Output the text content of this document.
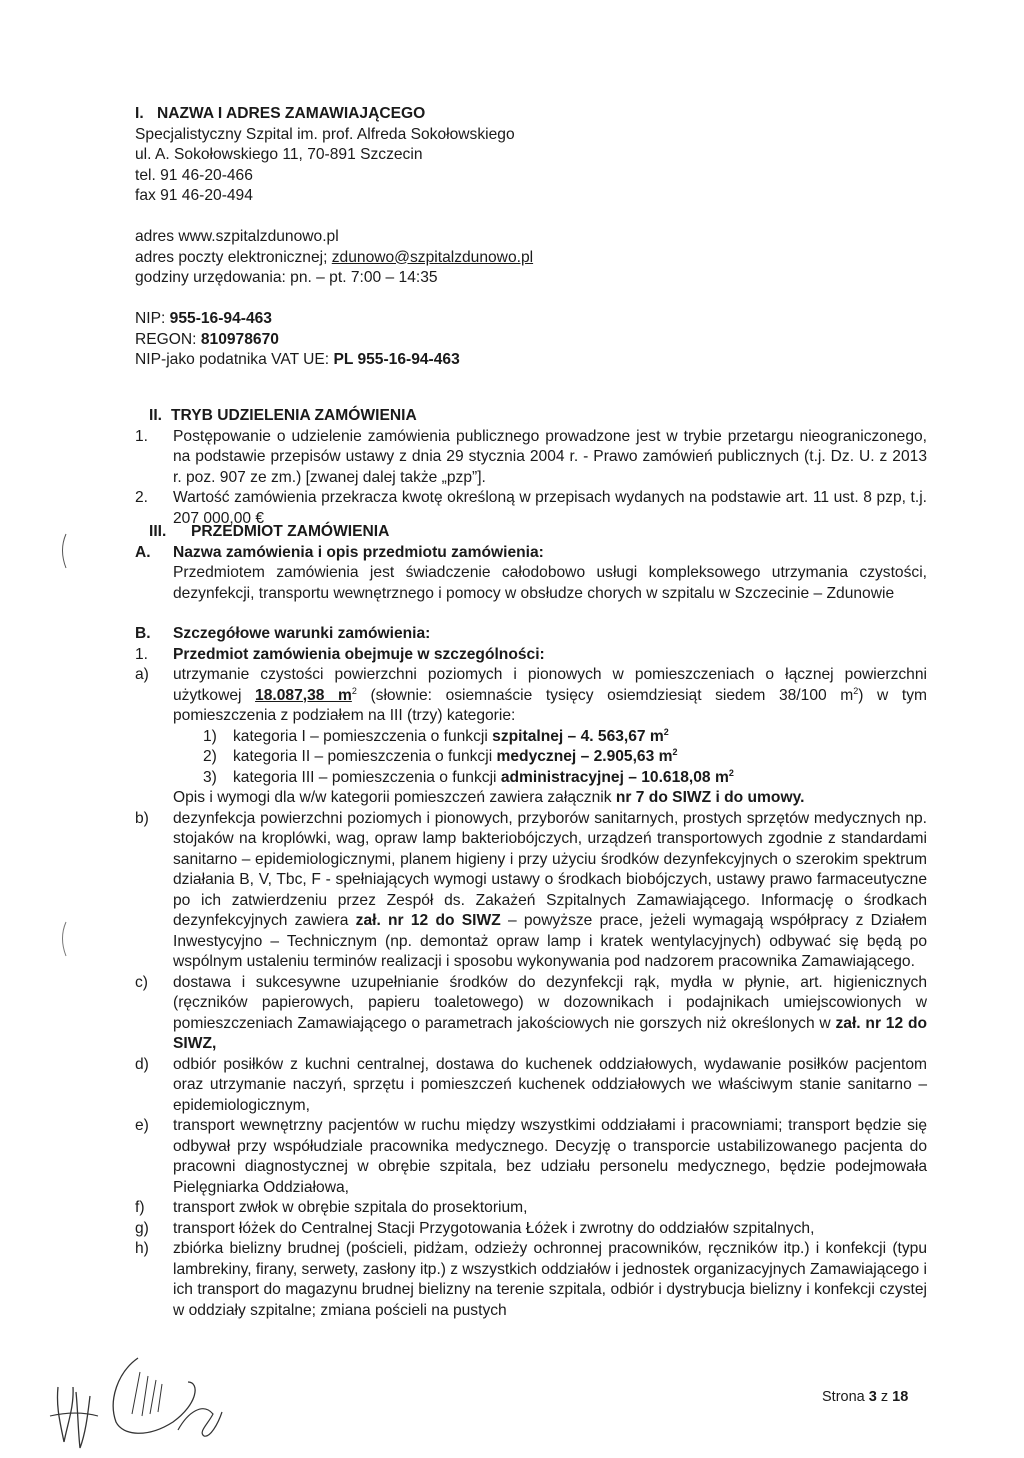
I. NAZWA I ADRES ZAMAWIAJĄCEGO
Specjalistyczny Szpital im. prof. Alfreda Sokołowskiego
ul. A. Sokołowskiego 11, 70-891 Szczecin
tel. 91 46-20-466
fax 91 46-20-494
adres www.szpitalzdunowo.pl
adres poczty elektronicznej; zdunowo@szpitalzdunowo.pl
godziny urzędowania: pn. – pt. 7:00 – 14:35
NIP: 955-16-94-463
REGON: 810978670
NIP-jako podatnika VAT UE: PL 955-16-94-463
II. TRYB UDZIELENIA ZAMÓWIENIA
1.	Postępowanie o udzielenie zamówienia publicznego prowadzone jest w trybie przetargu nieograniczonego, na podstawie przepisów ustawy z dnia 29 stycznia 2004 r. - Prawo zamówień publicznych (t.j. Dz. U. z 2013 r. poz. 907 ze zm.) [zwanej dalej także „pzp”].
2.	Wartość zamówienia przekracza kwotę określoną w przepisach wydanych na podstawie art. 11 ust. 8 pzp, t.j. 207 000,00 €
III. PRZEDMIOT ZAMÓWIENIA
A.	Nazwa zamówienia i opis przedmiotu zamówienia:
Przedmiotem zamówienia jest świadczenie całodobowo usługi kompleksowego utrzymania czystości, dezynfekcji, transportu wewnętrznego i pomocy w obsłudze chorych w szpitalu w Szczecinie – Zdunowie
B.	Szczegółowe warunki zamówienia:
1.	Przedmiot zamówienia obejmuje w szczególności:
a)	utrzymanie czystości powierzchni poziomych i pionowych w pomieszczeniach o łącznej powierzchni użytkowej 18.087,38 $m^2$ (słownie: osiemnaście tysięcy osiemdziesiąt siedem 38/100 $m^2$) w tym pomieszczenia z podziałem na III (trzy) kategorie:
1)	kategoria I – pomieszczenia o funkcji szpitalnej – 4. 563,67 $m^2$
2)	kategoria II – pomieszczenia o funkcji medycznej – 2.905,63 $m^2$
3)	kategoria III – pomieszczenia o funkcji administracyjnej – 10.618,08 $m^2$
Opis i wymogi dla w/w kategorii pomieszczeń zawiera załącznik nr 7 do SIWZ i do umowy.
b)	dezynfekcja powierzchni poziomych i pionowych, przyborów sanitarnych, prostych sprzętów medycznych np. stojaków na kroplówki, wag, opraw lamp bakteriobójczych, urządzeń transportowych zgodnie z standardami sanitarno – epidemiologicznymi, planem higieny i przy użyciu środków dezynfekcyjnych o szerokim spektrum działania B, V, Tbc, F - spełniających wymogi ustawy o środkach biobójczych, ustawy prawo farmaceutyczne po ich zatwierdzeniu przez Zespół ds. Zakażeń Szpitalnych Zamawiającego. Informację o środkach dezynfekcyjnych zawiera zał. nr 12 do SIWZ – powyższe prace, jeżeli wymagają współpracy z Działem Inwestycyjno – Technicznym (np. demontaż opraw lamp i kratek wentylacyjnych) odbywać się będą po wspólnym ustaleniu terminów realizacji i sposobu wykonywania pod nadzorem pracownika Zamawiającego.
c)	dostawa i sukcesywne uzupełnianie środków do dezynfekcji rąk, mydła w płynie, art. higienicznych (ręczników papierowych, papieru toaletowego) w dozownikach i podajnikach umiejscowionych w pomieszczeniach Zamawiającego o parametrach jakościowych nie gorszych niż określonych w zał. nr 12 do SIWZ,
d)	odbiór posiłków z kuchni centralnej, dostawa do kuchenek oddziałowych, wydawanie posiłków pacjentom oraz utrzymanie naczyń, sprzętu i pomieszczeń kuchenek oddziałowych we właściwym stanie sanitarno – epidemiologicznym,
e)	transport wewnętrzny pacjentów w ruchu między wszystkimi oddziałami i pracowniami; transport będzie się odbywał przy współudziale pracownika medycznego. Decyzję o transporcie ustabilizowanego pacjenta do pracowni diagnostycznej w obrębie szpitala, bez udziału personelu medycznego, będzie podejmowała Pielęgniarka Oddziałowa,
f)	transport zwłok w obrębie szpitala do prosektorium,
g)	transport łóżek do Centralnej Stacji Przygotowania Łóżek i zwrotny do oddziałów szpitalnych,
h)	zbiórka bielizny brudnej (pościeli, pidżam, odzieży ochronnej pracowników, ręczników itp.) i konfekcji (typu lambrekiny, firany, serwety, zasłony itp.) z wszystkich oddziałów i jednostek organizacyjnych Zamawiającego i ich transport do magazynu brudnej bielizny na terenie szpitala, odbiór i dystrybucja bielizny i konfekcji czystej w oddziały szpitalne; zmiana pościeli na pustych
Strona 3 z 18
